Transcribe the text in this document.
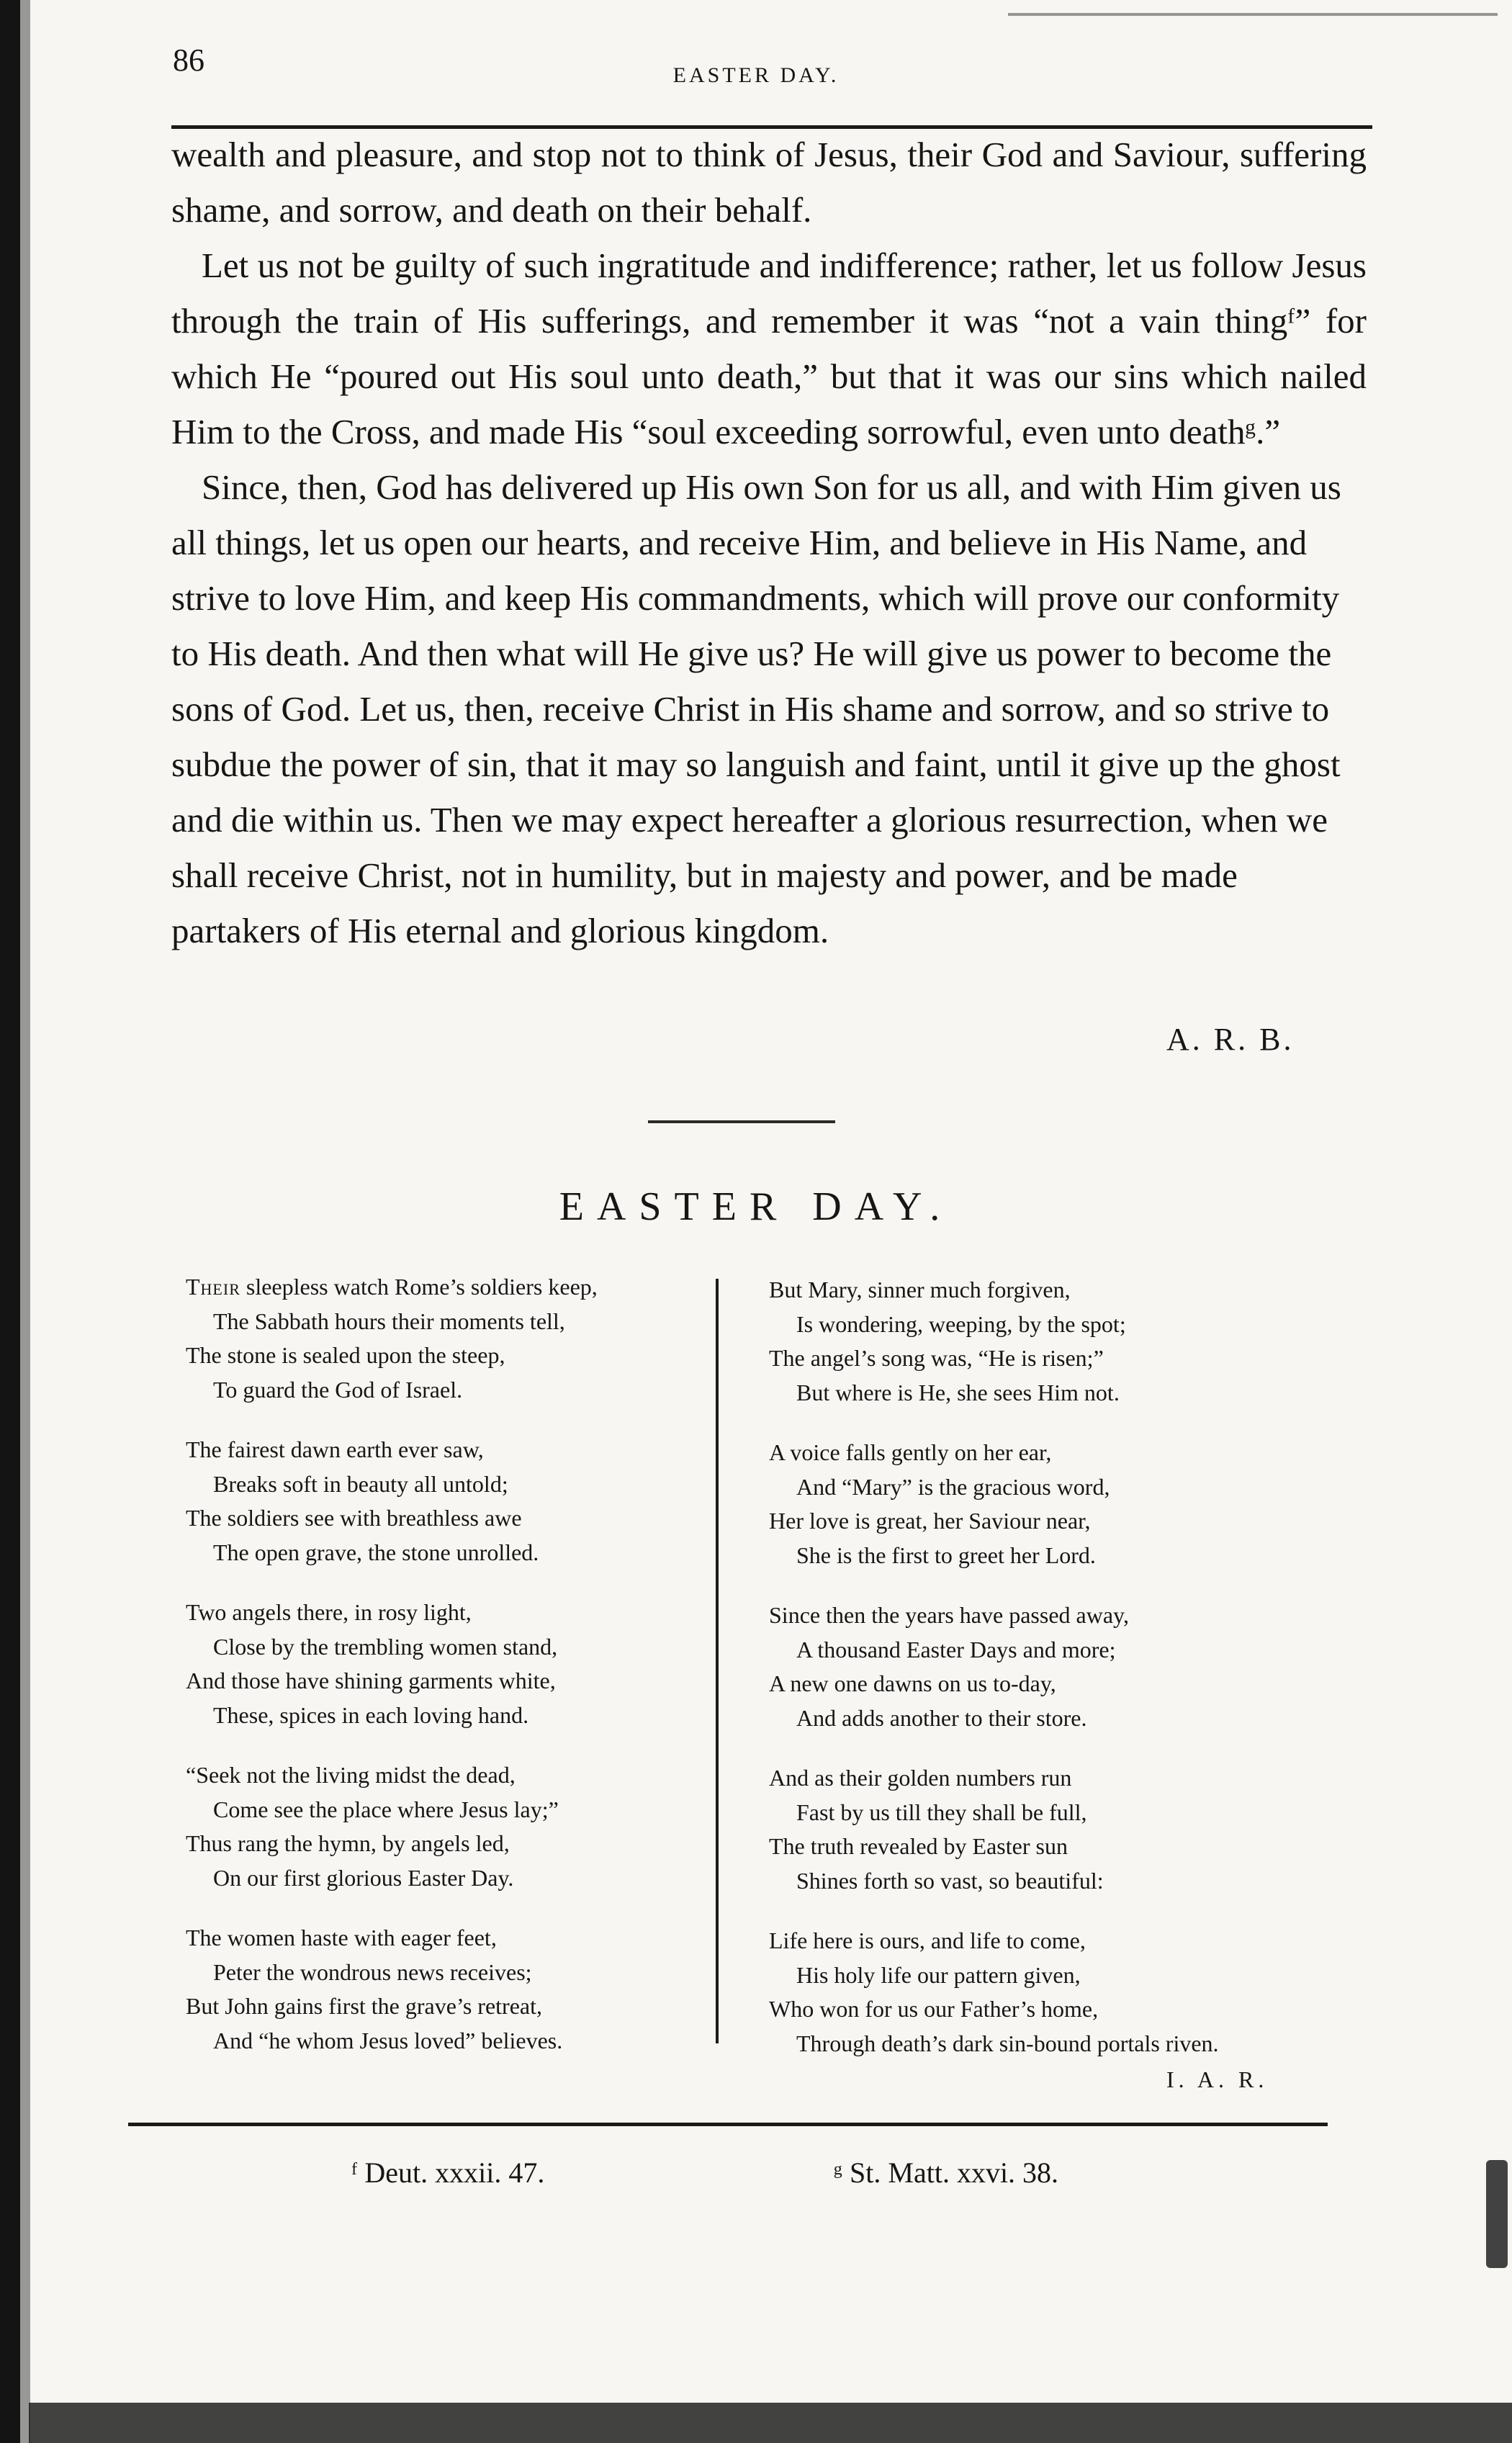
86	EASTER DAY.

wealth and pleasure, and stop not to think of Jesus, their God and Saviour, suffering shame, and sorrow, and death on their behalf.

Let us not be guilty of such ingratitude and indifference; rather, let us follow Jesus through the train of His sufferings, and remember it was “not a vain thingᶠ” for which He “poured out His soul unto death,” but that it was our sins which nailed Him to the Cross, and made His “soul exceeding sorrowful, even unto deathᵍ.”

Since, then, God has delivered up His own Son for us all, and with Him given us all things, let us open our hearts, and receive Him, and believe in His Name, and strive to love Him, and keep His commandments, which will prove our conformity to His death. And then what will He give us? He will give us power to become the sons of God. Let us, then, receive Christ in His shame and sorrow, and so strive to subdue the power of sin, that it may so languish and faint, until it give up the ghost and die within us. Then we may expect hereafter a glorious resurrection, when we shall receive Christ, not in humility, but in majesty and power, and be made partakers of His eternal and glorious kingdom.

A. R. B.
EASTER DAY.
Their sleepless watch Rome’s soldiers keep,
The Sabbath hours their moments tell,
The stone is sealed upon the steep,
To guard the God of Israel.
The fairest dawn earth ever saw,
Breaks soft in beauty all untold;
The soldiers see with breathless awe
The open grave, the stone unrolled.
Two angels there, in rosy light,
Close by the trembling women stand,
And those have shining garments white,
These, spices in each loving hand.
“Seek not the living midst the dead,
Come see the place where Jesus lay;”
Thus rang the hymn, by angels led,
On our first glorious Easter Day.
The women haste with eager feet,
Peter the wondrous news receives;
But John gains first the grave’s retreat,
And “he whom Jesus loved” believes.
But Mary, sinner much forgiven,
Is wondering, weeping, by the spot;
The angel’s song was, “He is risen;”
But where is He, she sees Him not.
A voice falls gently on her ear,
And “Mary” is the gracious word,
Her love is great, her Saviour near,
She is the first to greet her Lord.
Since then the years have passed away,
A thousand Easter Days and more;
A new one dawns on us to-day,
And adds another to their store.
And as their golden numbers run
Fast by us till they shall be full,
The truth revealed by Easter sun
Shines forth so vast, so beautiful:
Life here is ours, and life to come,
His holy life our pattern given,
Who won for us our Father’s home,
Through death’s dark sin-bound portals riven.
I. A. R.
ᶠ Deut. xxxii. 47.	ᵍ St. Matt. xxvi. 38.
